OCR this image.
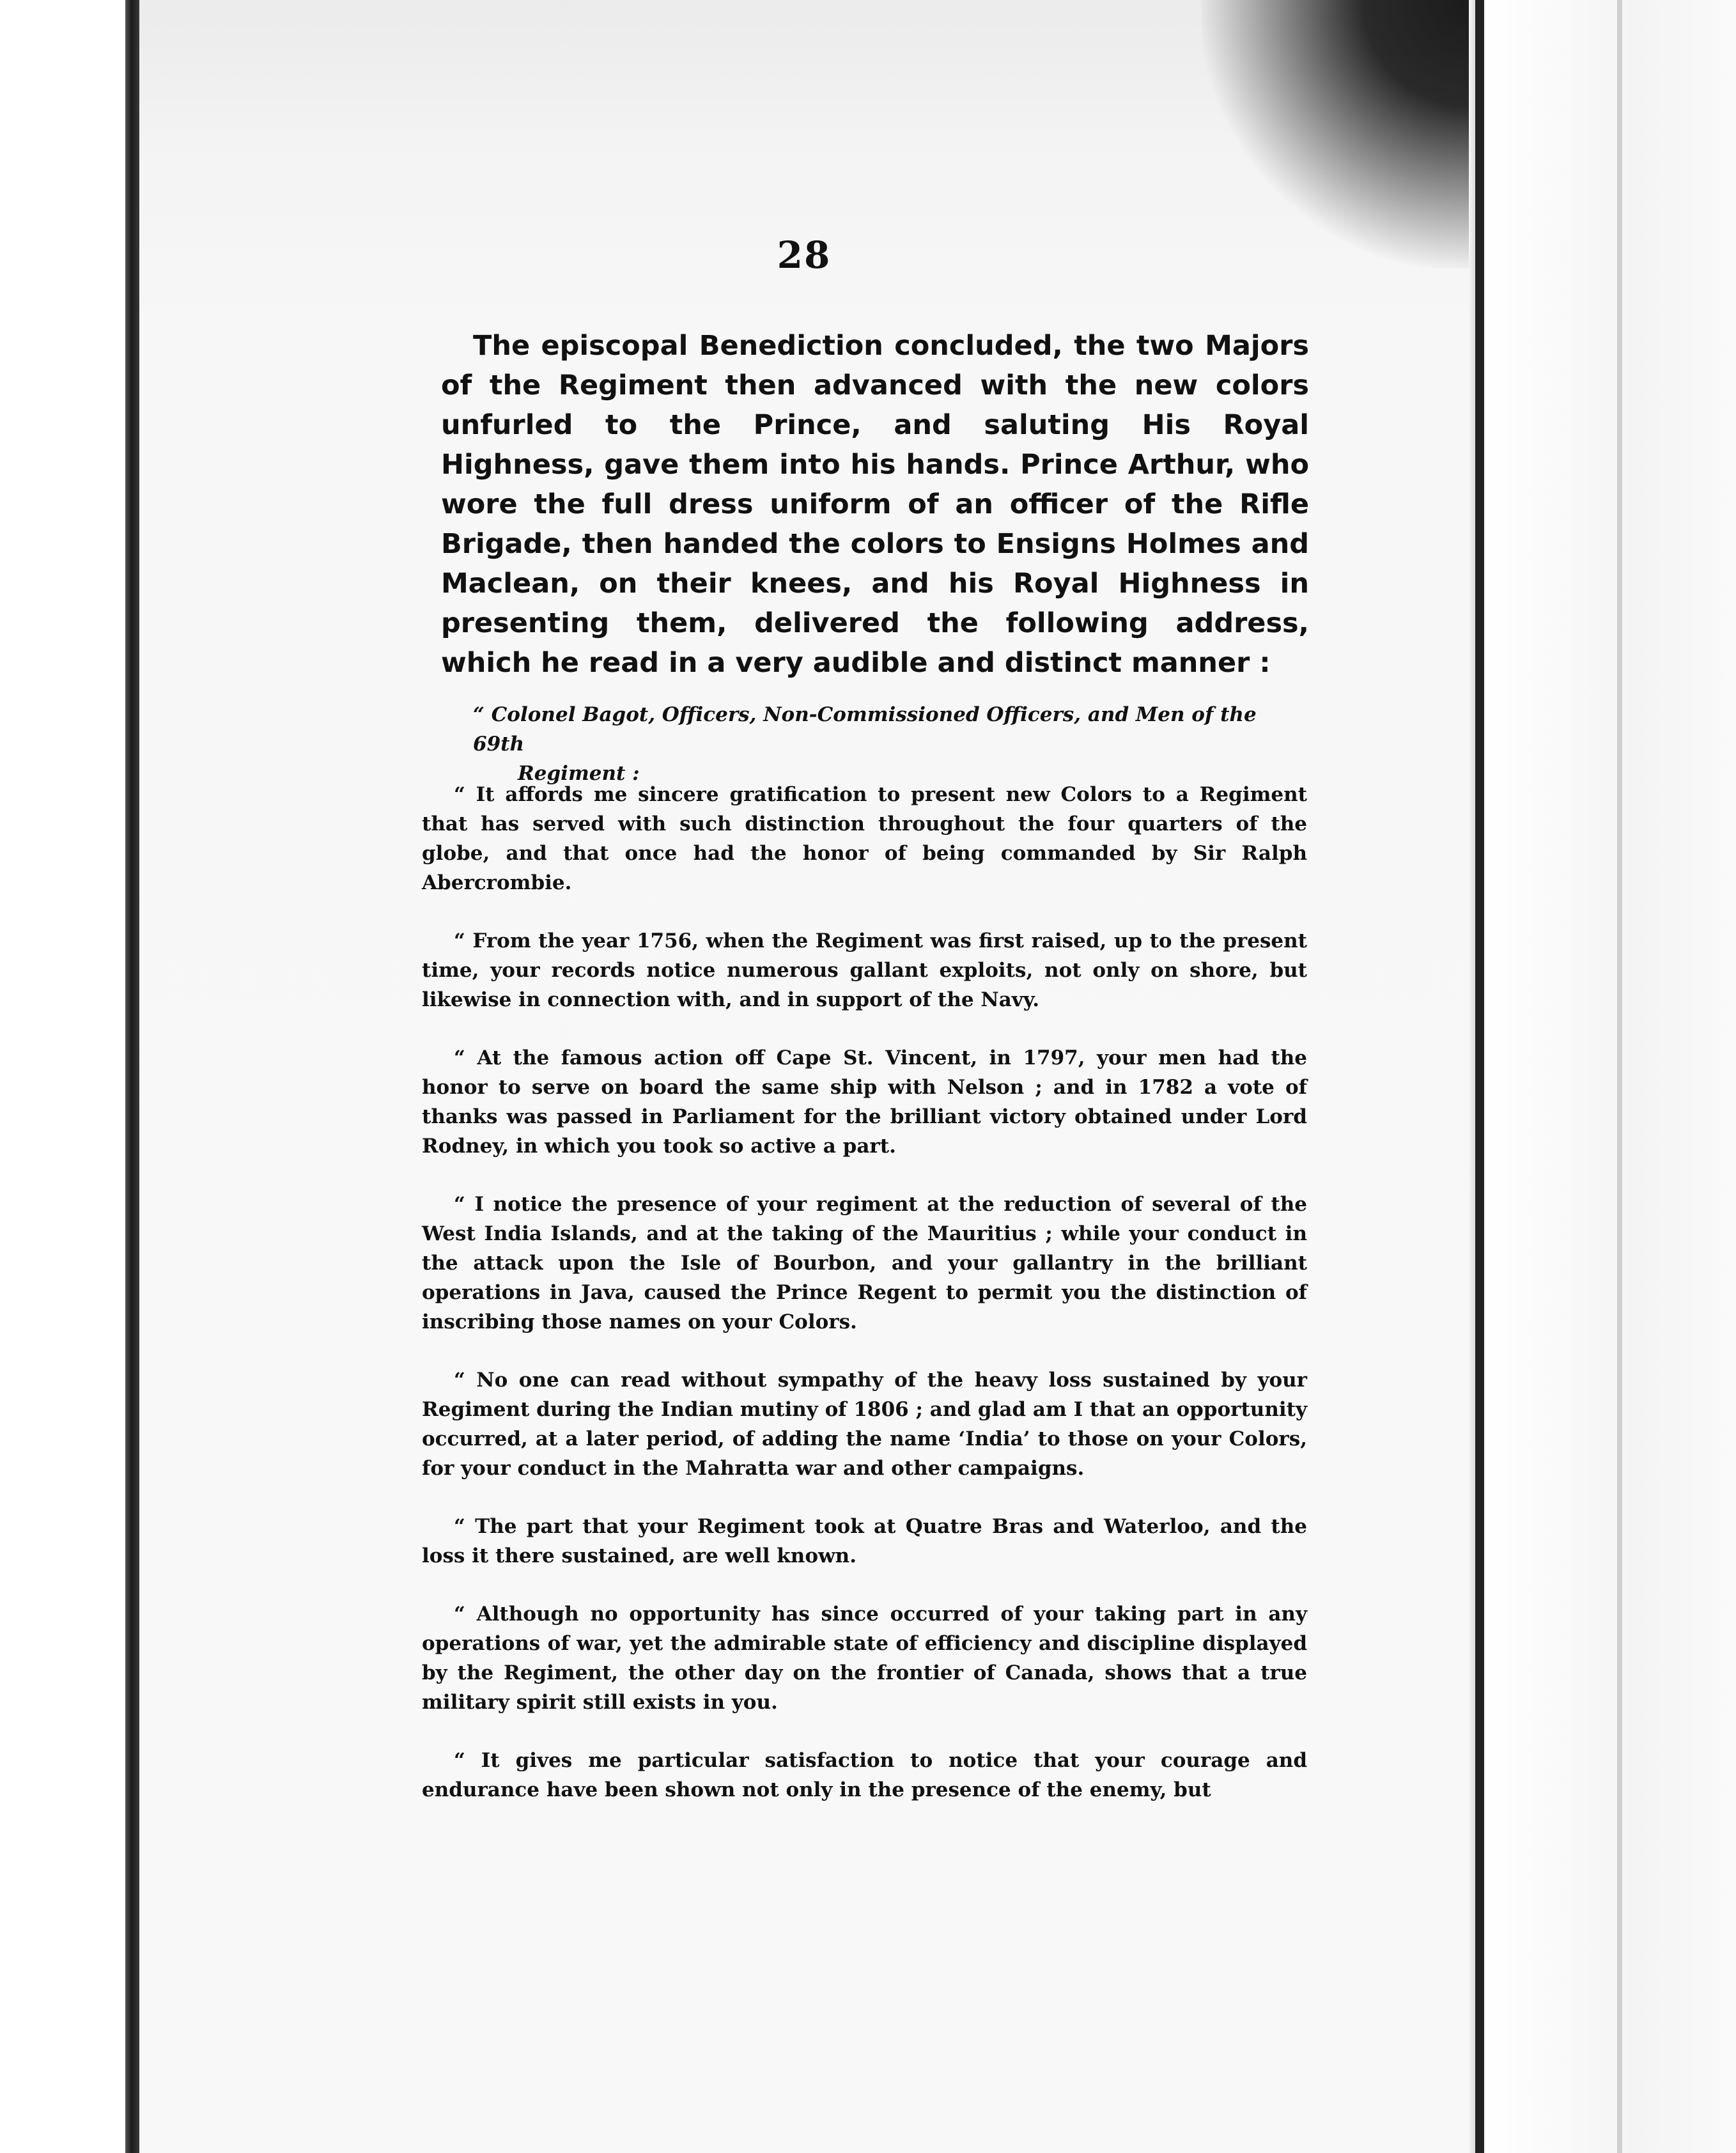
28
The episcopal Benediction concluded, the two Majors of the Regiment then advanced with the new colors unfurled to the Prince, and saluting His Royal Highness, gave them into his hands. Prince Arthur, who wore the full dress uniform of an officer of the Rifle Brigade, then handed the colors to Ensigns Holmes and Maclean, on their knees, and his Royal Highness in presenting them, delivered the following address, which he read in a very audible and distinct manner :
“ Colonel Bagot, Officers, Non-Commissioned Officers, and Men of the 69th
Regiment :

“ It affords me sincere gratification to present new Colors to a Regiment that has served with such distinction throughout the four quarters of the globe, and that once had the honor of being commanded by Sir Ralph Abercrombie.

“ From the year 1756, when the Regiment was first raised, up to the present time, your records notice numerous gallant exploits, not only on shore, but likewise in connection with, and in support of the Navy.

“ At the famous action off Cape St. Vincent, in 1797, your men had the honor to serve on board the same ship with Nelson ; and in 1782 a vote of thanks was passed in Parliament for the brilliant victory obtained under Lord Rodney, in which you took so active a part.

“ I notice the presence of your regiment at the reduction of several of the West India Islands, and at the taking of the Mauritius ; while your conduct in the attack upon the Isle of Bourbon, and your gallantry in the brilliant operations in Java, caused the Prince Regent to permit you the distinction of inscribing those names on your Colors.

“ No one can read without sympathy of the heavy loss sustained by your Regiment during the Indian mutiny of 1806 ; and glad am I that an opportunity occurred, at a later period, of adding the name ‘India’ to those on your Colors, for your conduct in the Mahratta war and other campaigns.

“ The part that your Regiment took at Quatre Bras and Waterloo, and the loss it there sustained, are well known.

“ Although no opportunity has since occurred of your taking part in any operations of war, yet the admirable state of efficiency and discipline displayed by the Regiment, the other day on the frontier of Canada, shows that a true military spirit still exists in you.

“ It gives me particular satisfaction to notice that your courage and endurance have been shown not only in the presence of the enemy, but
